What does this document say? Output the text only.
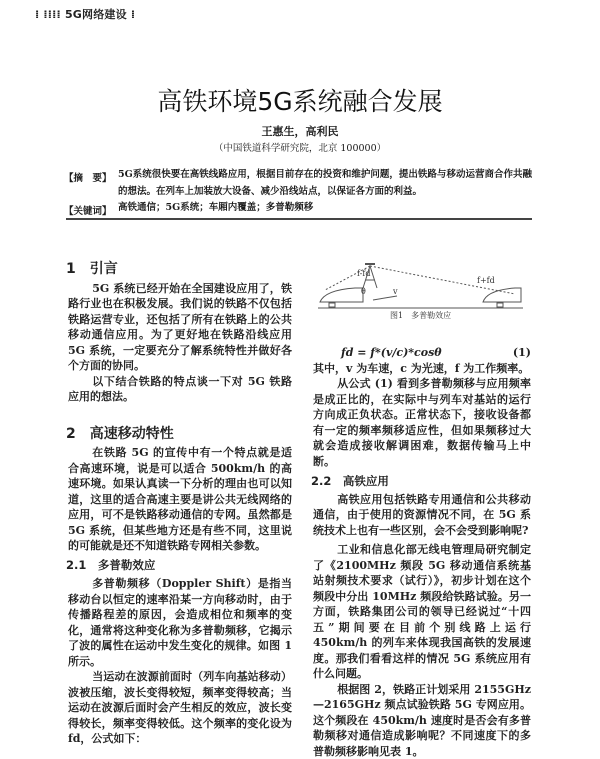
⁞ ⁞⁞⁞⁞ 5G网络建设 ⁞
高铁环境5G系统融合发展
王惠生，高利民
（中国铁道科学研究院，北京 100000）
【摘　要】 5G系统很快要在高铁线路应用，根据目前存在的投资和维护问题，提出铁路与移动运营商合作共融的想法。在列车上加装放大设备、减少沿线站点，以保证各方面的利益。
【关键词】 高铁通信；5G系统；车厢内覆盖；多普勒频移
1　引言

5G 系统已经开始在全国建设应用了，铁路行业也在积极发展。我们说的铁路不仅包括铁路运营专业，还包括了所有在铁路上的公共移动通信应用。为了更好地在铁路沿线应用 5G 系统，一定要充分了解系统特性并做好各个方面的协同。

以下结合铁路的特点谈一下对 5G 铁路应用的想法。

2　高速移动特性

在铁路 5G 的宣传中有一个特点就是适合高速环境，说是可以适合 500km/h 的高速环境。如果认真读一下分析的理由也可以知道，这里的适合高速主要是讲公共无线网络的应用，可不是铁路移动通信的专网。虽然都是 5G 系统，但某些地方还是有些不同，这里说的可能就是还不知道铁路专网相关参数。

2.1　多普勒效应

多普勒频移（Doppler Shift）是指当移动台以恒定的速率沿某一方向移动时，由于传播路程差的原因，会造成相位和频率的变化，通常将这种变化称为多普勒频移，它揭示了波的属性在运动中发生变化的规律。如图 1 所示。

当运动在波源前面时（列车向基站移动）波被压缩，波长变得较短，频率变得较高；当运动在波源后面时会产生相反的效应，波长变得较长，频率变得较低。这个频率的变化设为 fd，公式如下：

f-fd
f+fd
θ	v
图1　多普勒效应
fd = f*(v/c)*cosθ	(1)

其中，v 为车速，c 为光速，f 为工作频率。

从公式 (1) 看到多普勒频移与应用频率是成正比的，在实际中与列车对基站的运行方向成正负状态。正常状态下，接收设备都有一定的频率频移适应性，但如果频移过大就会造成接收解调困难，数据传输马上中断。

2.2　高铁应用

高铁应用包括铁路专用通信和公共移动通信，由于使用的资源情况不同，在 5G 系统技术上也有一些区别，会不会受到影响呢?

工业和信息化部无线电管理局研究制定了《2100MHz 频段 5G 移动通信系统基站射频技术要求（试行）》，初步计划在这个频段中分出 10MHz 频段给铁路试验。另一方面，铁路集团公司的领导已经说过“十四五”期间要在目前个别线路上运行 450km/h 的列车来体现我国高铁的发展速度。那我们看看这样的情况 5G 系统应用有什么问题。

根据图 2，铁路正计划采用 2155GHz—2165GHz 频点试验铁路 5G 专网应用。这个频段在 450km/h 速度时是否会有多普勒频移对通信造成影响呢？不同速度下的多普勒频移影响见表 1。
